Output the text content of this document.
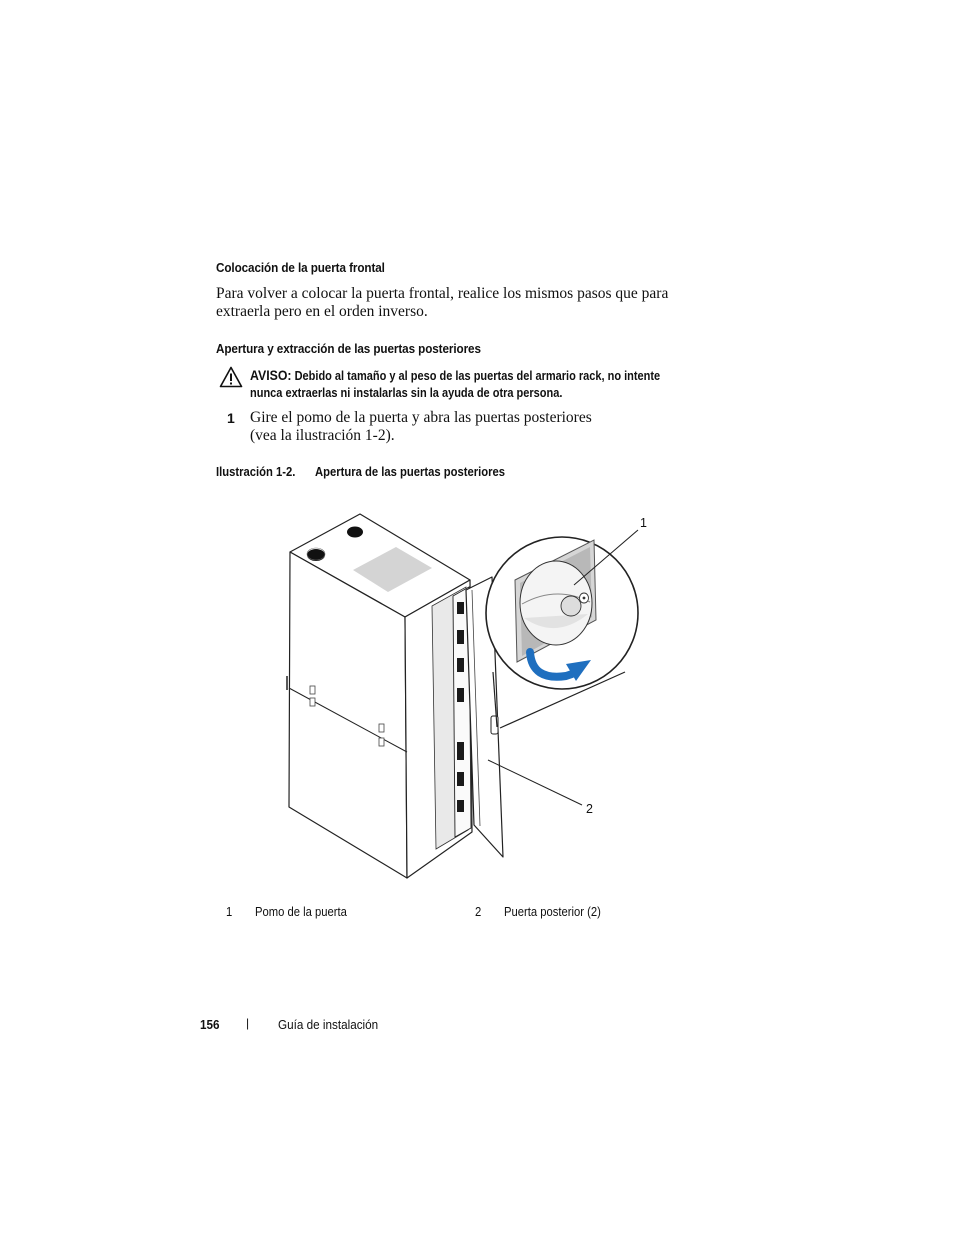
Colocación de la puerta frontal
Para volver a colocar la puerta frontal, realice los mismos pasos que para
extraerla pero en el orden inverso.
Apertura y extracción de las puertas posteriores
AVISO: Debido al tamaño y al peso de las puertas del armario rack, no intente
nunca extraerlas ni instalarlas sin la ayuda de otra persona.
1 Gire el pomo de la puerta y abra las puertas posteriores
(vea la ilustración 1-2).
Ilustración 1-2. Apertura de las puertas posteriores
1
2
1 Pomo de la puerta	2 Puerta posterior (2)
156 | Guía de instalación
